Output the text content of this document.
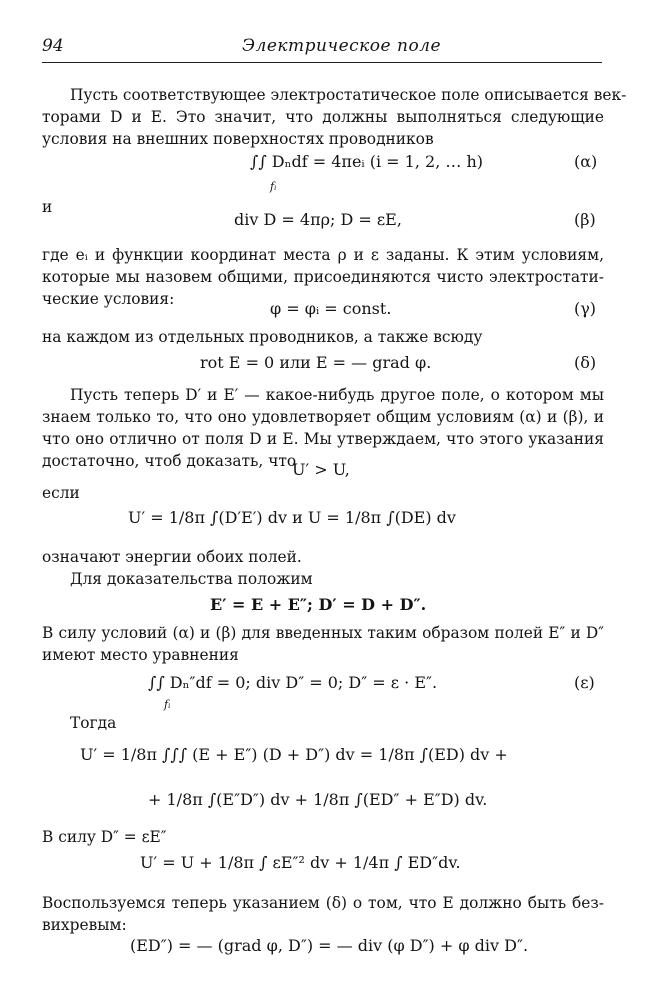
94	Электрическое поле
Пусть соответствующее электростатическое поле описывается век-
торами D и E. Это значит, что должны выполняться следующие
условия на внешних поверхностях проводников
∫∫ Dₙdf = 4πeᵢ (i = 1, 2, … h)
fᵢ
(α)
и
div D = 4πρ; D = εE,	(β)
где eᵢ и функции координат места ρ и ε заданы. К этим условиям,
которые мы назовем общими, присоединяются чисто электростати-
ческие условия:	φ = φᵢ = const.	(γ)
на каждом из отдельных проводников, а также всюду
rot E = 0 или E = — grad φ.	(δ)
Пусть теперь D′ и E′ — какое-нибудь другое поле, о котором мы
знаем только то, что оно удовлетворяет общим условиям (α) и (β), и
что оно отлично от поля D и E. Мы утверждаем, что этого указания
достаточно, чтоб доказать, что
U′ > U,
если
U′ = 1/8π ∫(D′E′) dv и U = 1/8π ∫(DE) dv
означают энергии обоих полей.
Для доказательства положим
E′ = E + E″; D′ = D + D″.
В силу условий (α) и (β) для введенных таким образом полей E″ и D″
имеют место уравнения
∫∫ Dₙ″df = 0; div D″ = 0; D″ = ε · E″.
fᵢ
(ε)
Тогда
U′ = 1/8π ∫∫∫ (E + E″) (D + D″) dv = 1/8π ∫(ED) dv +
+ 1/8π ∫(E″D″) dv + 1/8π ∫(ED″ + E″D) dv.
В силу D″ = εE″
U′ = U + 1/8π ∫ εE″² dv + 1/4π ∫ ED″dv.
Воспользуемся теперь указанием (δ) о том, что E должно быть без-
вихревым:
(ED″) = — (grad φ, D″) = — div (φ D″) + φ div D″.
